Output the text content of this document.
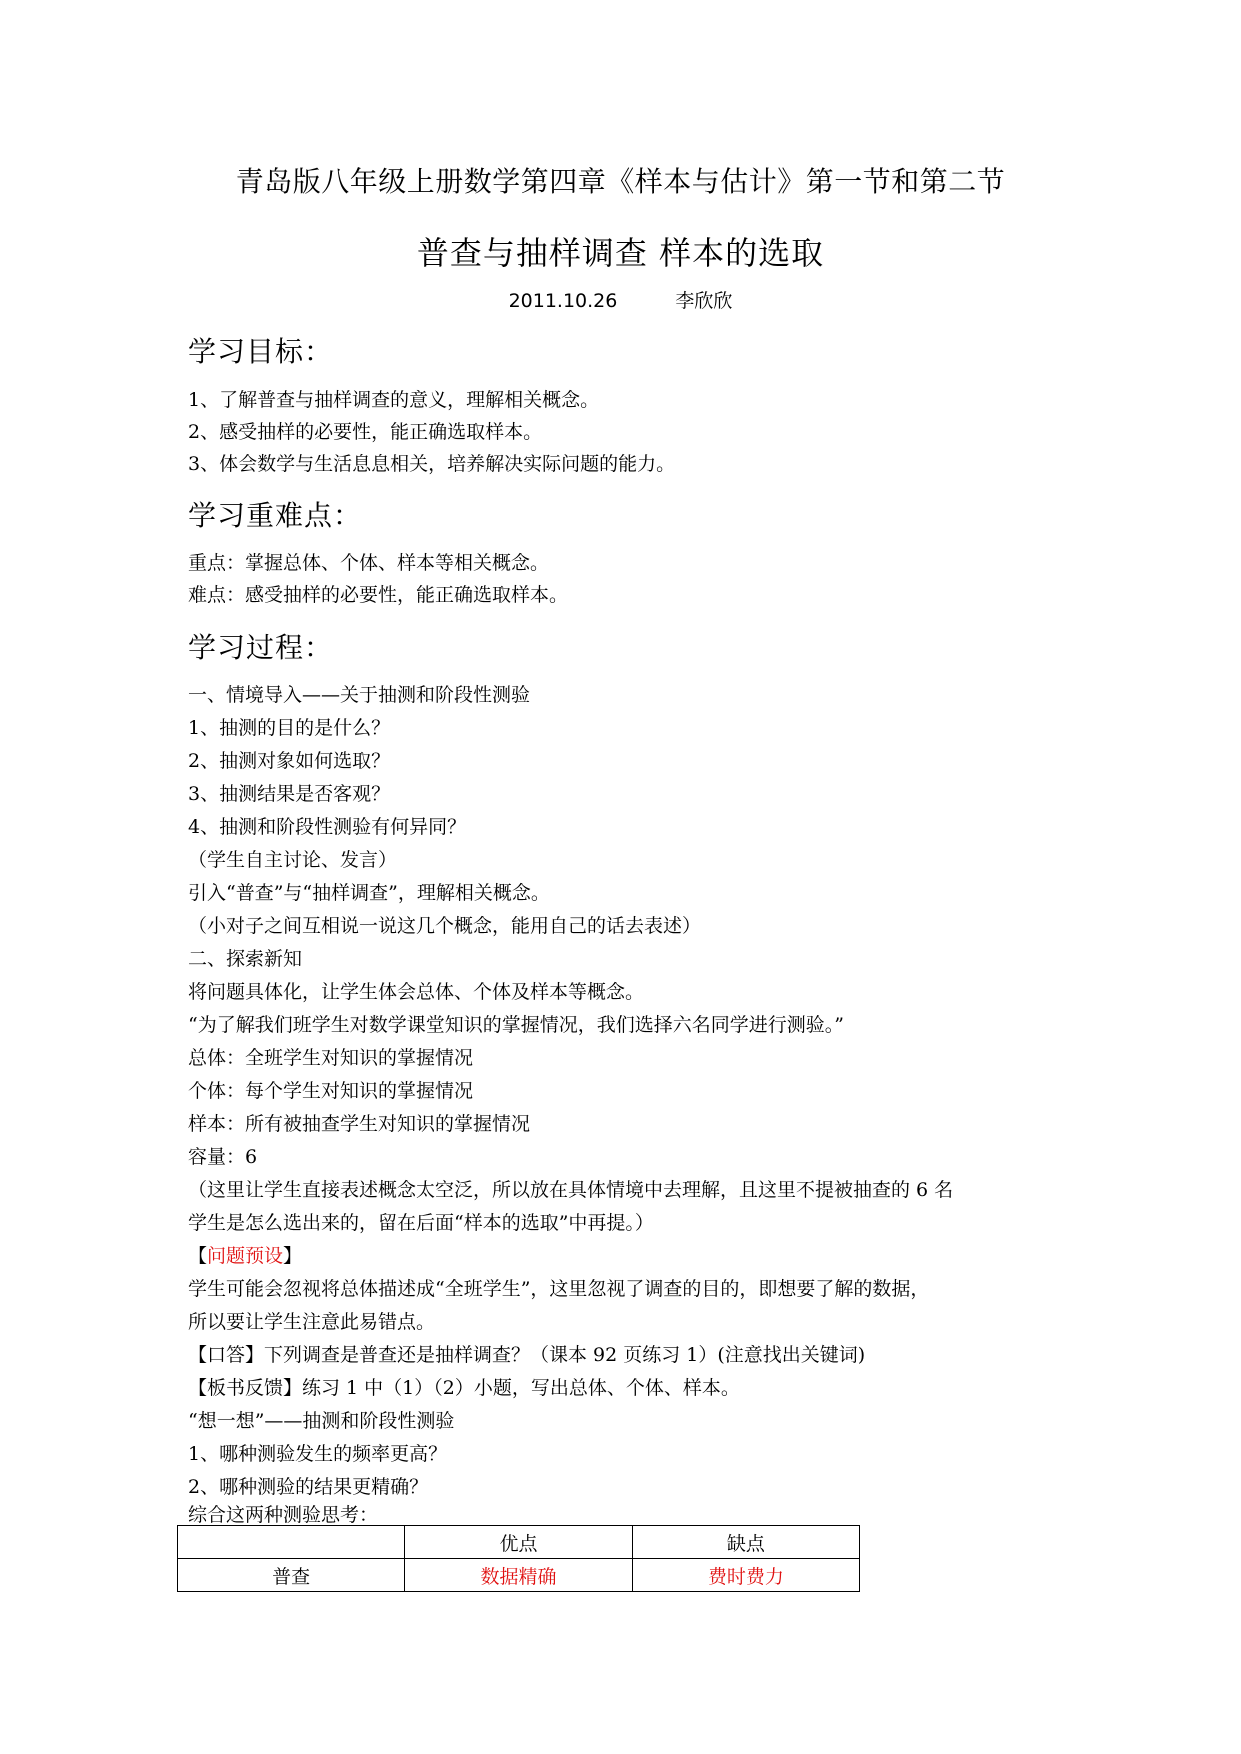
青岛版八年级上册数学第四章《样本与估计》第一节和第二节
普查与抽样调查 样本的选取
2011.10.26	李欣欣
学习目标：
1、了解普查与抽样调查的意义，理解相关概念。
2、感受抽样的必要性，能正确选取样本。
3、体会数学与生活息息相关，培养解决实际问题的能力。
学习重难点：
重点：掌握总体、个体、样本等相关概念。
难点：感受抽样的必要性，能正确选取样本。
学习过程：
一、情境导入——关于抽测和阶段性测验
1、抽测的目的是什么？
2、抽测对象如何选取？
3、抽测结果是否客观？
4、抽测和阶段性测验有何异同？
（学生自主讨论、发言）
引入“普查”与“抽样调查”，理解相关概念。
（小对子之间互相说一说这几个概念，能用自己的话去表述）
二、探索新知
将问题具体化，让学生体会总体、个体及样本等概念。
“为了解我们班学生对数学课堂知识的掌握情况，我们选择六名同学进行测验。”
总体：全班学生对知识的掌握情况
个体：每个学生对知识的掌握情况
样本：所有被抽查学生对知识的掌握情况
容量：6
（这里让学生直接表述概念太空泛，所以放在具体情境中去理解，且这里不提被抽查的 6 名
学生是怎么选出来的，留在后面“样本的选取”中再提。）
【问题预设】
学生可能会忽视将总体描述成“全班学生”，这里忽视了调查的目的，即想要了解的数据，
所以要让学生注意此易错点。
【口答】下列调查是普查还是抽样调查？（课本 92 页练习 1）(注意找出关键词)
【板书反馈】练习 1 中（1）（2）小题，写出总体、个体、样本。
“想一想”——抽测和阶段性测验
1、哪种测验发生的频率更高？
2、哪种测验的结果更精确？
综合这两种测验思考：
	优点	缺点
普查	数据精确	费时费力
